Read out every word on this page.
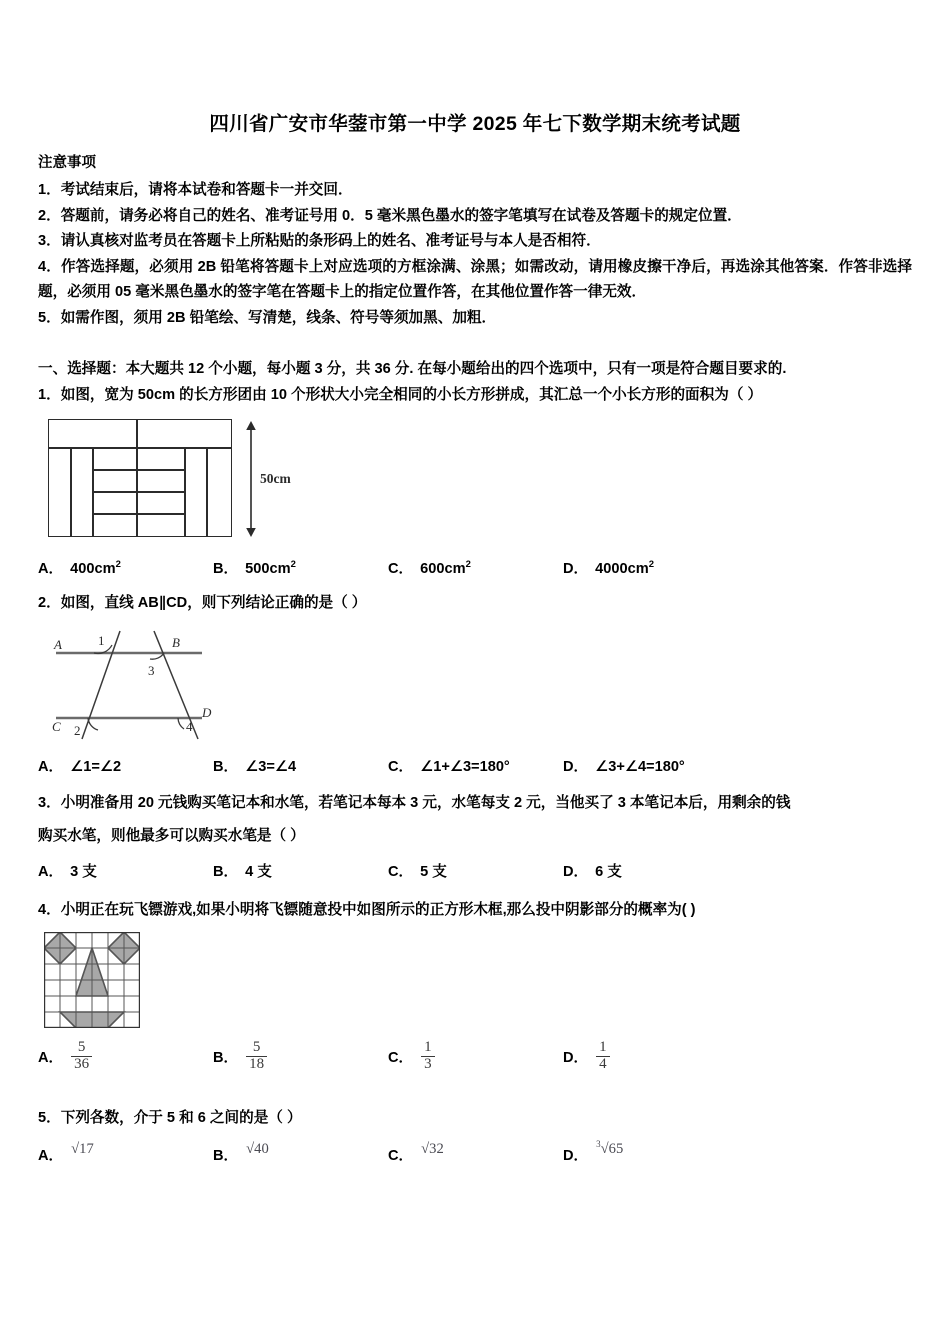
四川省广安市华蓥市第一中学 2025 年七下数学期末统考试题
注意事项

1．考试结束后，请将本试卷和答题卡一并交回．

2．答题前，请务必将自己的姓名、准考证号用 0．5 毫米黑色墨水的签字笔填写在试卷及答题卡的规定位置．

3．请认真核对监考员在答题卡上所粘贴的条形码上的姓名、准考证号与本人是否相符．

4．作答选择题，必须用 2B 铅笔将答题卡上对应选项的方框涂满、涂黑；如需改动，请用橡皮擦干净后，再选涂其他答案．作答非选择题，必须用 05 毫米黑色墨水的签字笔在答题卡上的指定位置作答，在其他位置作答一律无效．

5．如需作图，须用 2B 铅笔绘、写清楚，线条、符号等须加黑、加粗．

一、选择题：本大题共 12 个小题，每小题 3 分，共 36 分. 在每小题给出的四个选项中，只有一项是符合题目要求的.

1．如图，宽为 50cm 的长方形团由 10 个形状大小完全相同的小长方形拼成，其汇总一个小长方形的面积为（ ）

50cm
A． $400cm^2$	B． $500cm^2$	C． $600cm^2$	D． $4000cm^2$

2．如图，直线 AB∥CD，则下列结论正确的是（ ）

A	B
C
D
1
2
3
4
A． ∠1=∠2	B． ∠3=∠4	C． ∠1+∠3=180°	D． ∠3+∠4=180°

3．小明准备用 20 元钱购买笔记本和水笔，若笔记本每本 3 元，水笔每支 2 元，当他买了 3 本笔记本后，用剩余的钱

购买水笔，则他最多可以购买水笔是（ ）

A． 3 支	B． 4 支	C． 5 支	D． 6 支

4．小明正在玩飞镖游戏,如果小明将飞镖随意投中如图所示的正方形木框,那么投中阴影部分的概率为( )

A． $\frac{5}{36}$	B． $\frac{5}{18}$	C． $\frac{1}{3}$	D． $\frac{1}{4}$

5．下列各数，介于 5 和 6 之间的是（ ）

A． √17	B． √40	C． √32	D．
$^3$√65
